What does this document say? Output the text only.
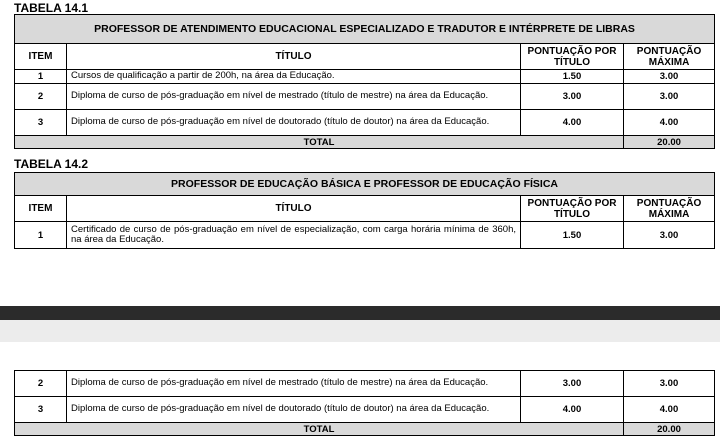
TABELA 14.1
PROFESSOR DE ATENDIMENTO EDUCACIONAL ESPECIALIZADO E TRADUTOR E INTÉRPRETE DE LIBRAS			
ITEM	TÍTULO	PONTUAÇÃO POR TÍTULO	PONTUAÇÃO MÁXIMA
1	Cursos de qualificação a partir de 200h, na área da Educação.	1.50	3.00
2	Diploma de curso de pós-graduação em nível de mestrado (título de mestre) na área da Educação.	3.00	3.00
3	Diploma de curso de pós-graduação em nível de doutorado (título de doutor) na área da Educação.	4.00	4.00
TOTAL			20.00
TABELA 14.2
PROFESSOR DE EDUCAÇÃO BÁSICA E PROFESSOR DE EDUCAÇÃO FÍSICA			
ITEM	TÍTULO	PONTUAÇÃO POR TÍTULO	PONTUAÇÃO MÁXIMA
1	Certificado de curso de pós-graduação em nível de especialização, com carga horária mínima de 360h, na área da Educação.	1.50	3.00
2	Diploma de curso de pós-graduação em nível de mestrado (título de mestre) na área da Educação.	3.00	3.00
3	Diploma de curso de pós-graduação em nível de doutorado (título de doutor) na área da Educação.	4.00	4.00
TOTAL			20.00
